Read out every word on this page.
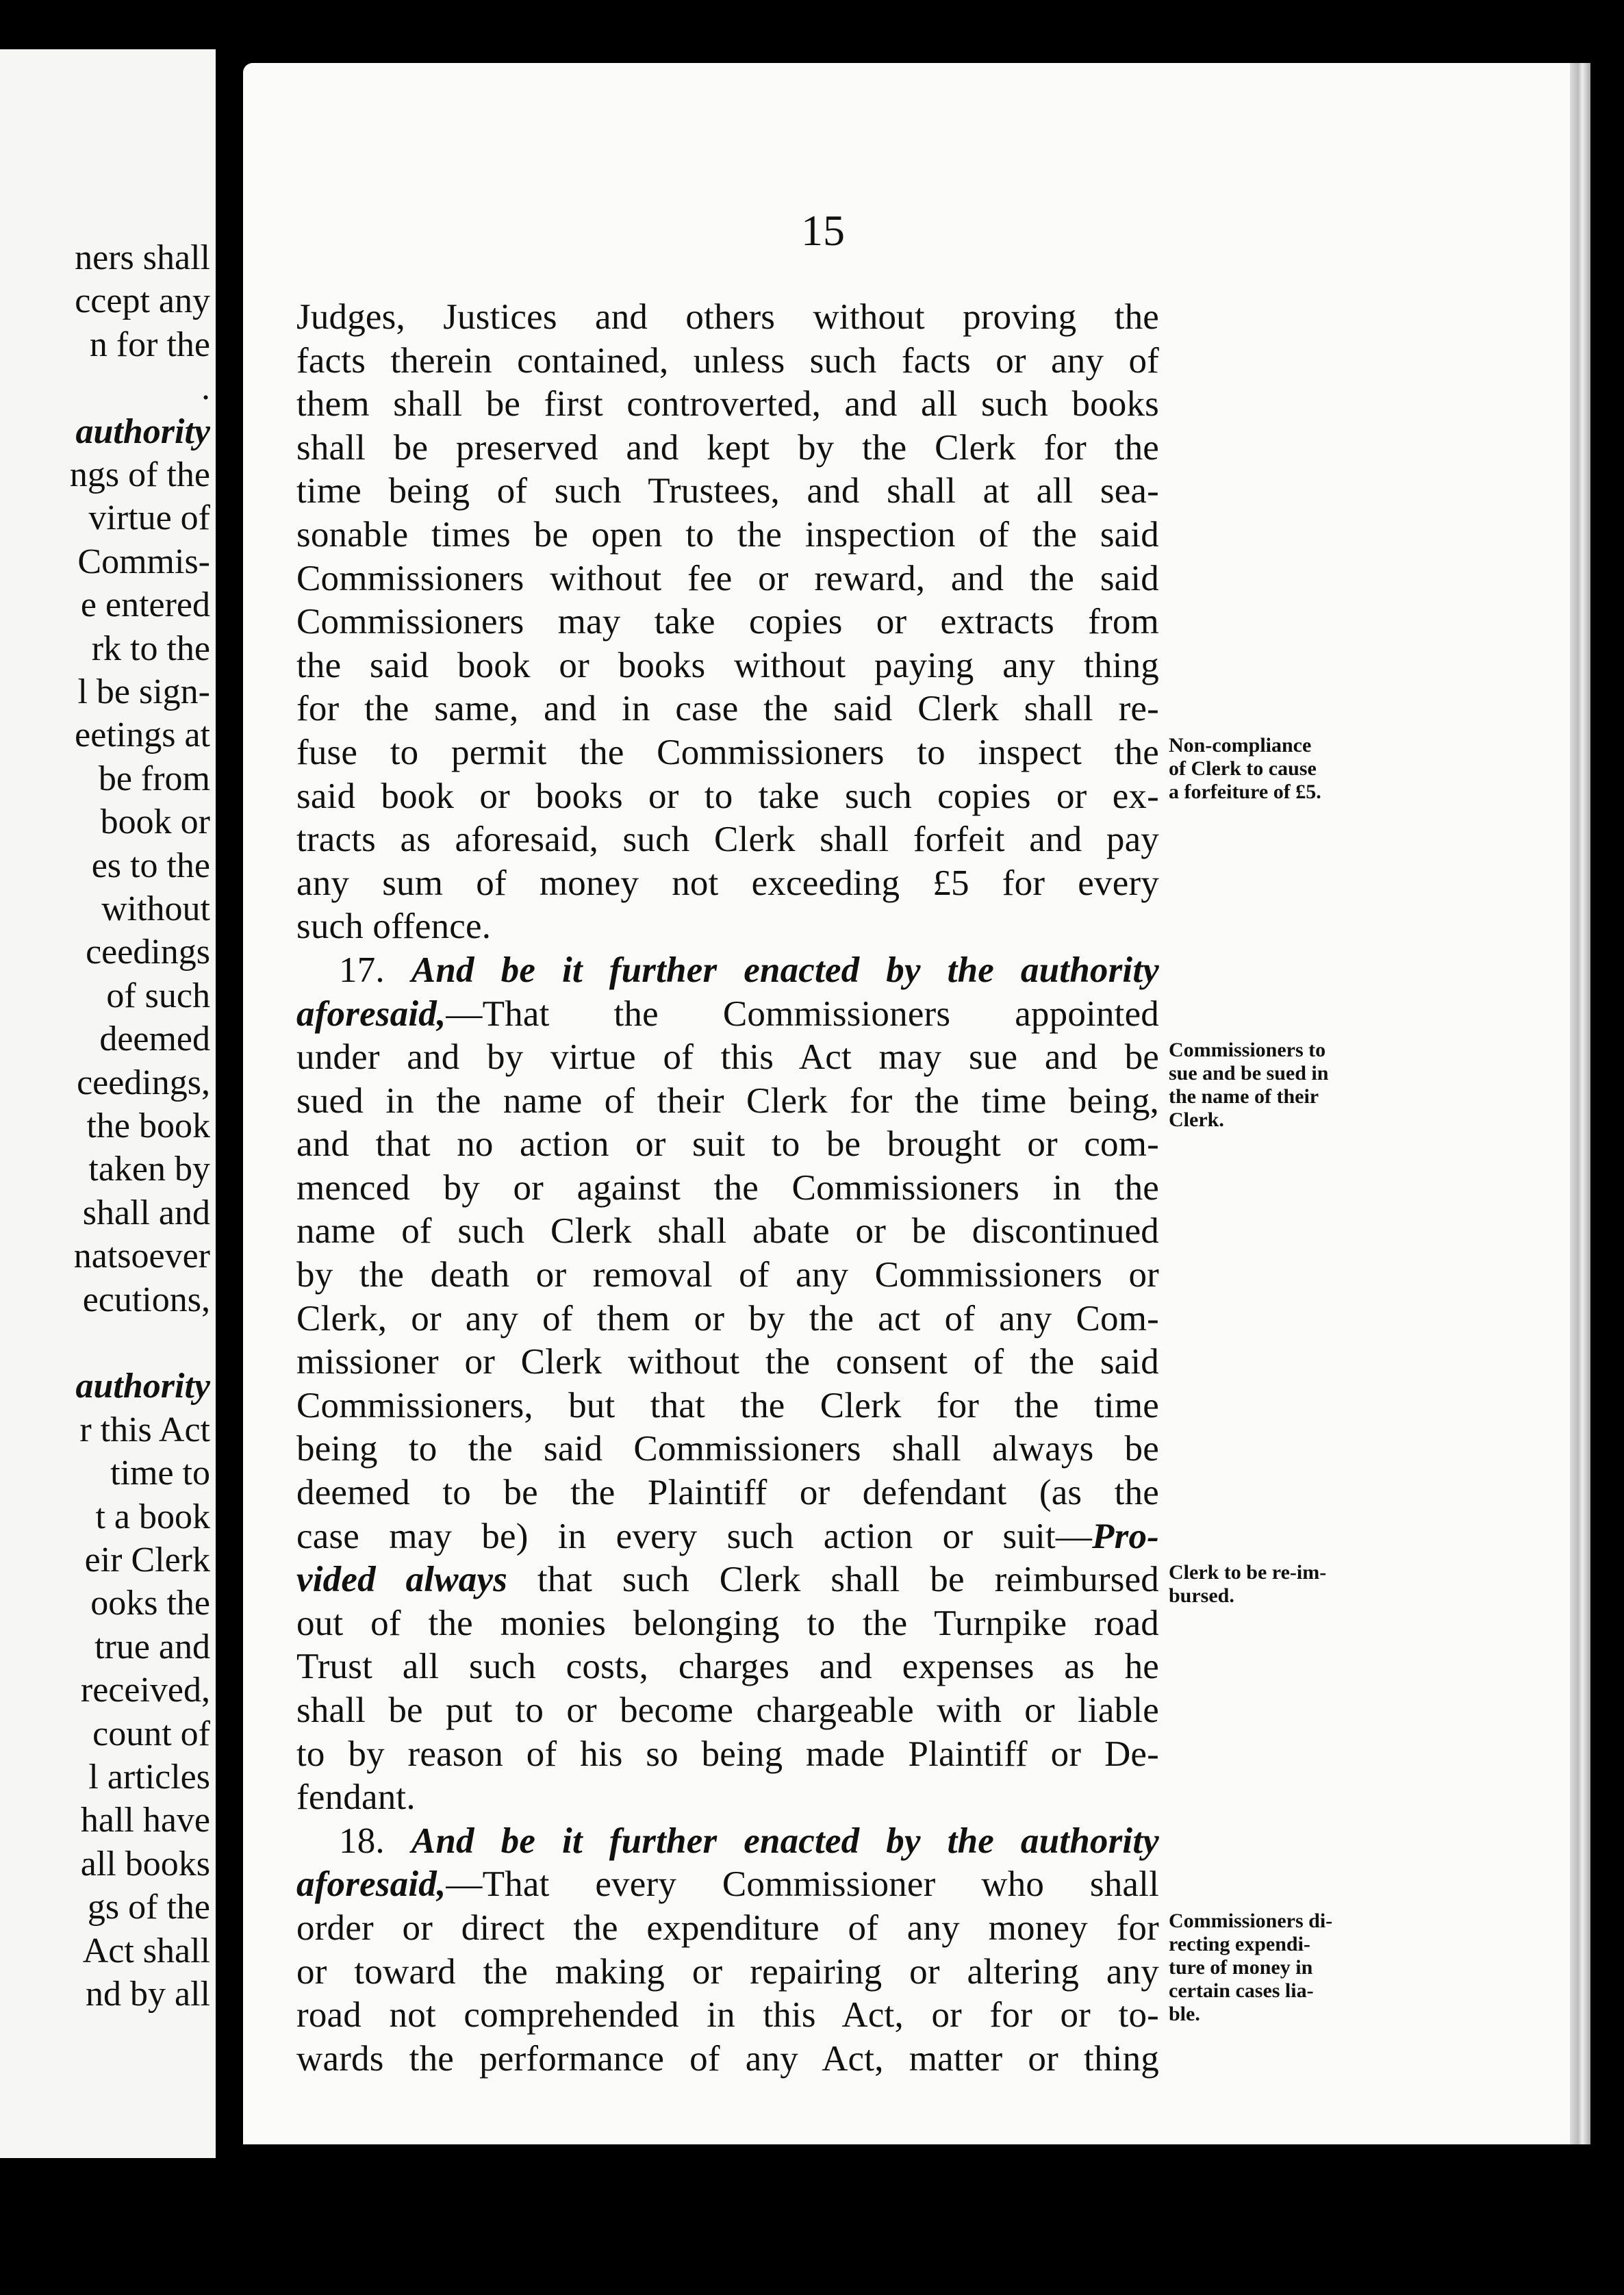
ners shall
ccept any
n for the
.
authority
ngs of the
virtue of
Commis-
e entered
rk to the
l be sign-
eetings at
be from
book or
es to the
without
ceedings
of such
deemed
ceedings,
the book
taken by
shall and
natsoever
ecutions,
authority
r this Act
time to
t a book
eir Clerk
ooks the
true and
received,
count of
l articles
hall have
all books
gs of the
Act shall
nd by all
15
Judges, Justices and others without proving the
facts therein contained, unless such facts or any of
them shall be first controverted, and all such books
shall be preserved and kept by the Clerk for the
time being of such Trustees, and shall at all sea-
sonable times be open to the inspection of the said
Commissioners without fee or reward, and the said
Commissioners may take copies or extracts from
the said book or books without paying any thing
for the same, and in case the said Clerk shall re-
fuse to permit the Commissioners to inspect the
said book or books or to take such copies or ex-
tracts as aforesaid, such Clerk shall forfeit and pay
any sum of money not exceeding £5 for every
such offence.
17. And be it further enacted by the authority
aforesaid,—That the Commissioners appointed
under and by virtue of this Act may sue and be
sued in the name of their Clerk for the time being,
and that no action or suit to be brought or com-
menced by or against the Commissioners in the
name of such Clerk shall abate or be discontinued
by the death or removal of any Commissioners or
Clerk, or any of them or by the act of any Com-
missioner or Clerk without the consent of the said
Commissioners, but that the Clerk for the time
being to the said Commissioners shall always be
deemed to be the Plaintiff or defendant (as the
case may be) in every such action or suit—Pro-
vided always that such Clerk shall be reimbursed
out of the monies belonging to the Turnpike road
Trust all such costs, charges and expenses as he
shall be put to or become chargeable with or liable
to by reason of his so being made Plaintiff or De-
fendant.
18. And be it further enacted by the authority
aforesaid,—That every Commissioner who shall
order or direct the expenditure of any money for
or toward the making or repairing or altering any
road not comprehended in this Act, or for or to-
wards the performance of any Act, matter or thing
Non-compliance
of Clerk to cause
a forfeiture of £5.
Commissioners to
sue and be sued in
the name of their
Clerk.
Clerk to be re-im-
bursed.
Commissioners di-
recting expendi-
ture of money in
certain cases lia-
ble.
